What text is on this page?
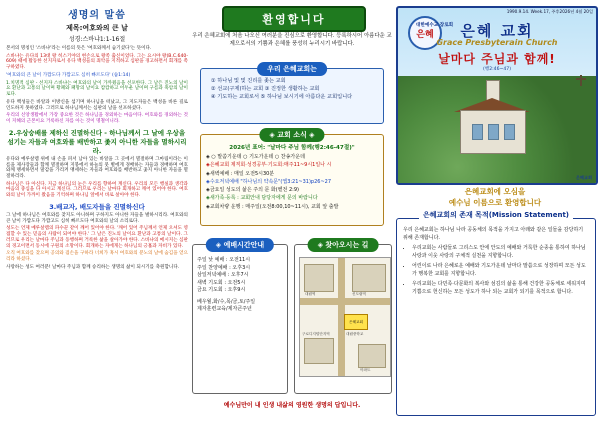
생명의 말씀
제목:여호와의 큰 날
성경:스바냐1:1-16절

본서의 명칭인 '스바냐'라는 이름의 뜻은 '여호와께서 숨기셨다'는 뜻이다.

스바냐는 유다의 13대 왕 히스기야의 현손으로 왕족 출신이었다. 그는 요시야 왕(B.C.640-609) 때에 활동한 선지자로서 유다 백성들의 죄악을 지적하고 심판을 경고하면서 회개를 촉구하였다.

'여호와의 큰 날이 가깝도다 가깝고도 심히 빠르도다' (습1:14)

1.치명적 심판 - 선지자 스바냐는 여호와의 날이 가까웠음을 선포한다. 그 날은 진노의 날이요 환난과 고통의 날이며 황폐와 패망의 날이요 캄캄하고 어두운 날이며 구름과 흑암의 날이로다.

유다 백성들은 바알과 이방신을 섬기며 하나님을 떠났고, 그 지도자들은 백성을 바른 길로 인도하지 못하였다. 그러므로 하나님께서는 심판의 날을 선포하셨다.

우리의 신앙생활에서 가장 중요한 것은 하나님을 경외하는 마음이다. 여호와를 경외하는 것이 지혜의 근본이요 거룩하신 자를 아는 것이 명철이니라.

2.우상숭배를 제하신 진멸하신다 - 하나님께서 그 날에 우상을 섬기는 자들과 여호와를 배반하고 좇지 아니한 자들을 멸하시리라.

유다와 예루살렘 위에 내 손을 펴서 남아 있는 바알을 그 곳에서 멸절하며 그마림이라는 이름을 제사장들과 함께 멸절하며 지붕에서 하늘의 뭇 별에게 경배하는 자들과 경배하며 여호와께 맹세하면서 말감을 가리켜 맹세하는 자들과 여호와를 배반하고 좇지 아니한 자들을 멸절하리라.

하나님은 다 아신다. 지금 하나님의 눈은 우리를 향하여 계신다. 우리의 모든 행실과 생각과 마음의 중심을 다 아시고 계신다. 그러므로 우리는 날마다 회개하고 깨어 있어야 한다. 여호와의 날이 가까이 왔음을 기억하며 하나님 앞에서 바로 살아야 한다.

3.배교자, 배도자들을 진멸하신다

그 날에 하나님은 여호와를 찾지도 아니하며 구하지도 아니한 자들을 벌하시리라. 여호와의 큰 날이 가깝도다 가깝고도 심히 빠르도다 여호와의 날의 소리로다.

성도는 언제 예루살렘의 파수꾼 같이 깨어 있어야 한다. '깨어 있어 주님께서 언제 오셔도 영접할 수 있는 믿음의 사람이 되어야 한다.' 그 날은 진노의 날이요 환난과 고통의 날이다. 그러므로 우리는 날마다 주님과 동행하며 거룩한 삶을 살아가야 한다. 스바냐의 메시지는 심판의 경고이면서 동시에 구원의 소망이다. 회개하는 자에게는 하나님의 긍휼과 자비가 있다.

오직 여호와를 찾으며 공의와 겸손을 구하라 너희가 혹시 여호와의 분노의 날에 숨김을 얻으리라 하셨다.

사랑하는 성도 여러분! 날마다 주님과 함께 승리하는 생명의 삶이 되시기를 축원합니다.

환영합니다
우리 은혜교회에 처음 나오신 여러분을 진심으로 환영합니다. 등록하시어 아름다운 교제으로서의 기쁨과 은혜를 풍성히 누리시기 바랍니다.
우리 은혜교회는
① 하나님 및 및 진리를 좇는 교회
② 선교(구제)하는 교회 ③ 진정한 생활하는 교회
④ 기도하는 교회로서 ⑤ 하나님 보시기에 아름다운 교회입니다
◈ 교회 소식 ◈
2026년 표어: "날마다 주님 함께(행2:46-47절)"
◈ ○ 말씀기운데 ○ 기도가운데 ○ 찬송가운데
◈은혜교회 제직회·성경공부·기도회:매주11~9시1일나 시
◈새벽예배 : 매일 오전5시30분
◈수요저녁예배 "하나님의 약속문"(엡3:21~31)p26~27
◈금요일 성도의 삶은 주의 문 화(벧전 2:9)
◈새가족·등록 : 교회안내 담당자에게 문의 바랍니다
◈교회차량 운행 : 매주일(오전8:00,10~11시), 교회 앞 출발
◈ 예배시간안내
주일 낮 예배 : 오전11시
주일 찬양예배 : 오후3시
삼일저녁예배 : 오후7시
새벽 기도회 : 오전5시
금요 기도회 : 오후9시
베우월,화/수,목/금,토/주일
제자훈련교육/제자큰주년
◈ 찾아오시는 길
은혜교회
대림역	신도림역
구로디지털단지역	대림중학교
아파트
예수님만이 내 인생 내삶의 영원한 생명의 답입니다.
1990.9.14. Week.17, 주후2026년 4월 20일
은혜
대한예수교 장로회 은혜 교회
Grace Presbyterain Church
날마다 주님과 함께!
(행2:46~47)
은혜교회
은혜교회에 오심을
예수님 이름으로 환영합니다
은혜교회의 존재 목적(Mission Statement)

우리 은혜교회는 하나님 나라 공동체의 목적을 가지고 아래와 같은 일들을 감당하기 위해 존재합니다.

• 우리교회는 사람들로 그리스도 안에 안도의 예배와 거룩한 순종을 통하여 하나님 사랑과 이웃 사랑의 구체적 실천을 지향합니다.
• 어린이로 나라 은혜로운 예배와 기도가운데 날마다 말씀으로 성장하며 모든 성도가 행복한 교회를 지향합니다.
• 우리교회는 다민족·다문화의 복사와 섬김의 삶을 통해 건강한 공동체로 세워지며 기쁨으로 헌신하는 모든 성도가 하나 되는 교회가 되기를 목적으로 합니다.
